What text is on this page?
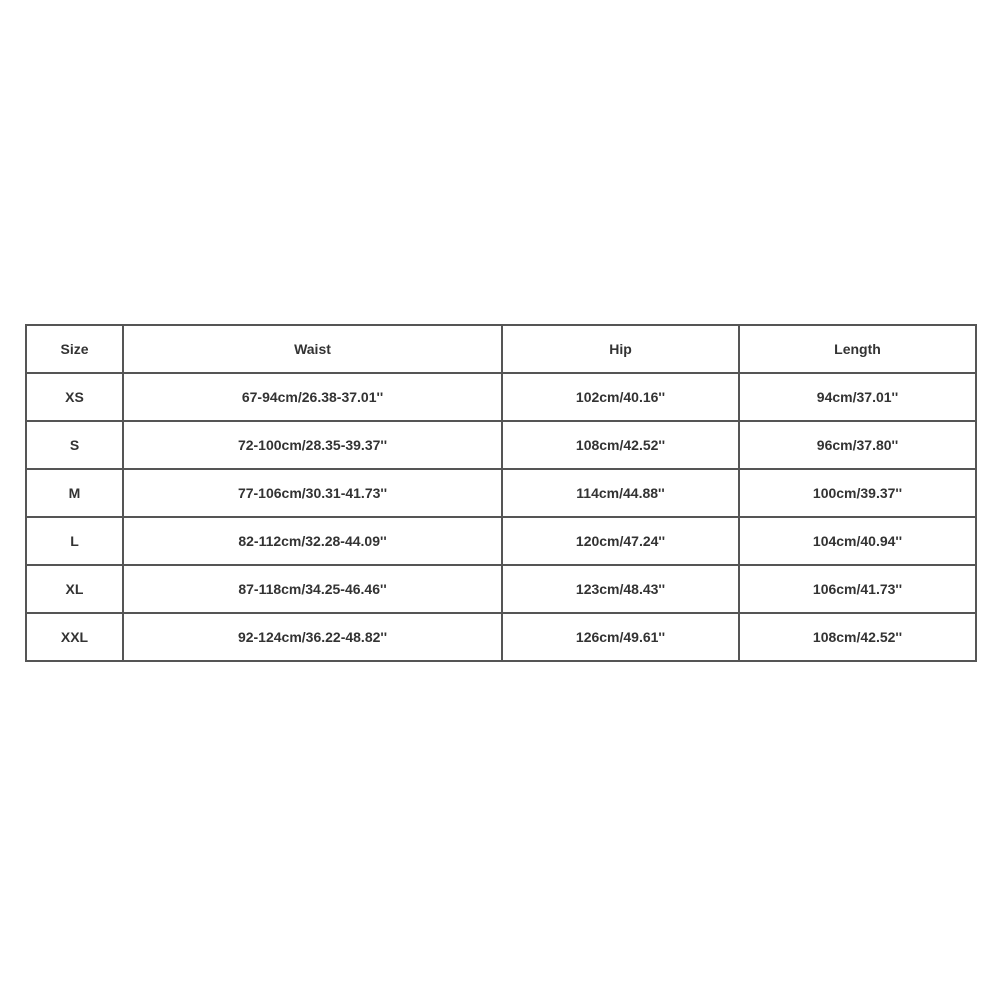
Size	Waist	Hip	Length
XS	67-94cm/26.38-37.01''	102cm/40.16''	94cm/37.01''
S	72-100cm/28.35-39.37''	108cm/42.52''	96cm/37.80''
M	77-106cm/30.31-41.73''	114cm/44.88''	100cm/39.37''
L	82-112cm/32.28-44.09''	120cm/47.24''	104cm/40.94''
XL	87-118cm/34.25-46.46''	123cm/48.43''	106cm/41.73''
XXL	92-124cm/36.22-48.82''	126cm/49.61''	108cm/42.52''
